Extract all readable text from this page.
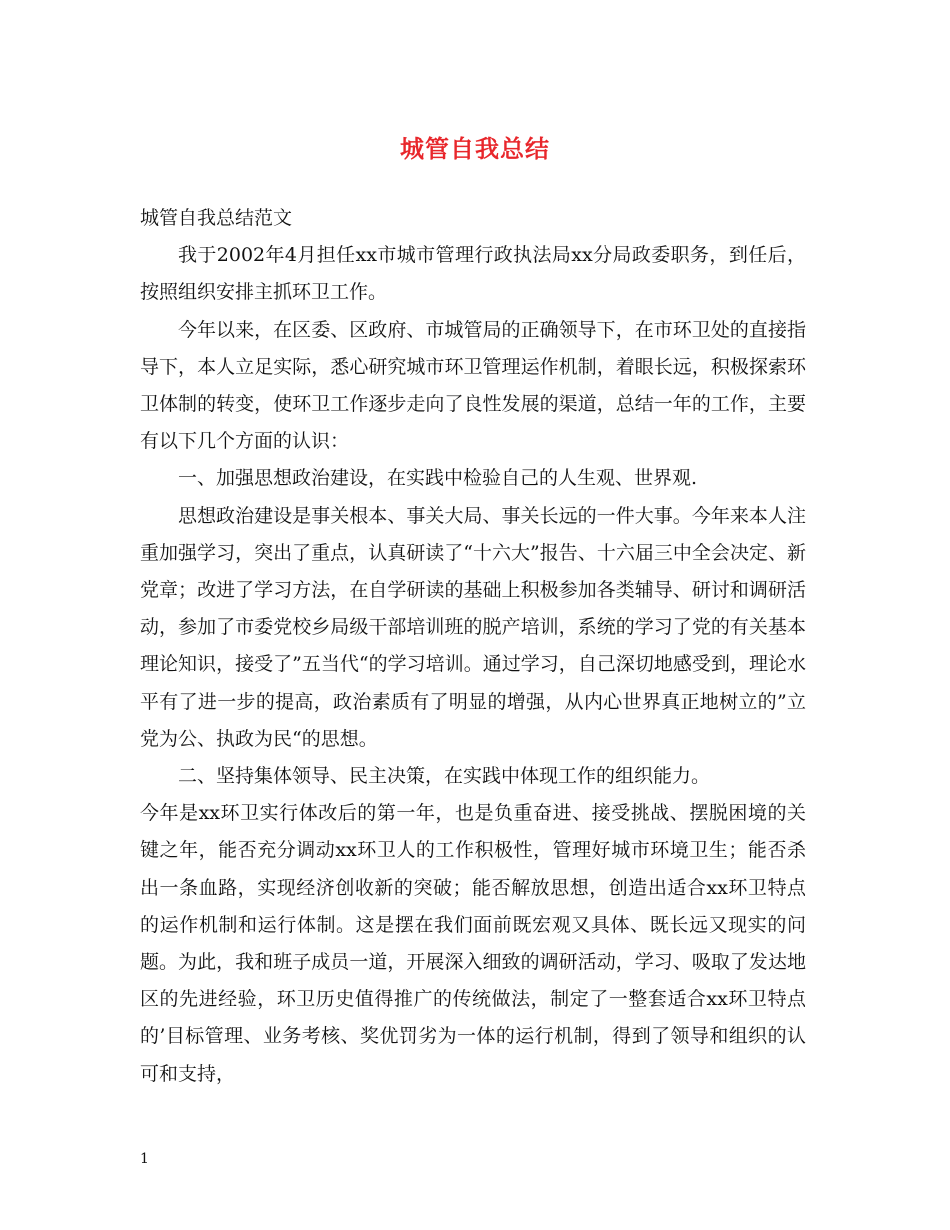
城管自我总结

城管自我总结范文

我于2002年4月担任xx市城市管理行政执法局xx分局政委职务，到任后，按照组织安排主抓环卫工作。

今年以来，在区委、区政府、市城管局的正确领导下，在市环卫处的直接指导下，本人立足实际，悉心研究城市环卫管理运作机制，着眼长远，积极探索环卫体制的转变，使环卫工作逐步走向了良性发展的渠道，总结一年的工作，主要有以下几个方面的认识：

一、加强思想政治建设，在实践中检验自己的人生观、世界观.

思想政治建设是事关根本、事关大局、事关长远的一件大事。今年来本人注重加强学习，突出了重点，认真研读了“十六大”报告、十六届三中全会决定、新党章；改进了学习方法，在自学研读的基础上积极参加各类辅导、研讨和调研活动，参加了市委党校乡局级干部培训班的脱产培训，系统的学习了党的有关基本理论知识，接受了”五当代“的学习培训。通过学习，自己深切地感受到，理论水平有了进一步的提高，政治素质有了明显的增强，从内心世界真正地树立的”立党为公、执政为民“的思想。

二、坚持集体领导、民主决策，在实践中体现工作的组织能力。

今年是xx环卫实行体改后的第一年，也是负重奋进、接受挑战、摆脱困境的关键之年，能否充分调动xx环卫人的工作积极性，管理好城市环境卫生；能否杀出一条血路，实现经济创收新的突破；能否解放思想，创造出适合xx环卫特点的运作机制和运行体制。这是摆在我们面前既宏观又具体、既长远又现实的问题。为此，我和班子成员一道，开展深入细致的调研活动，学习、吸取了发达地区的先进经验，环卫历史值得推广的传统做法，制定了一整套适合xx环卫特点的’目标管理、业务考核、奖优罚劣为一体的运行机制，得到了领导和组织的认可和支持，

1
